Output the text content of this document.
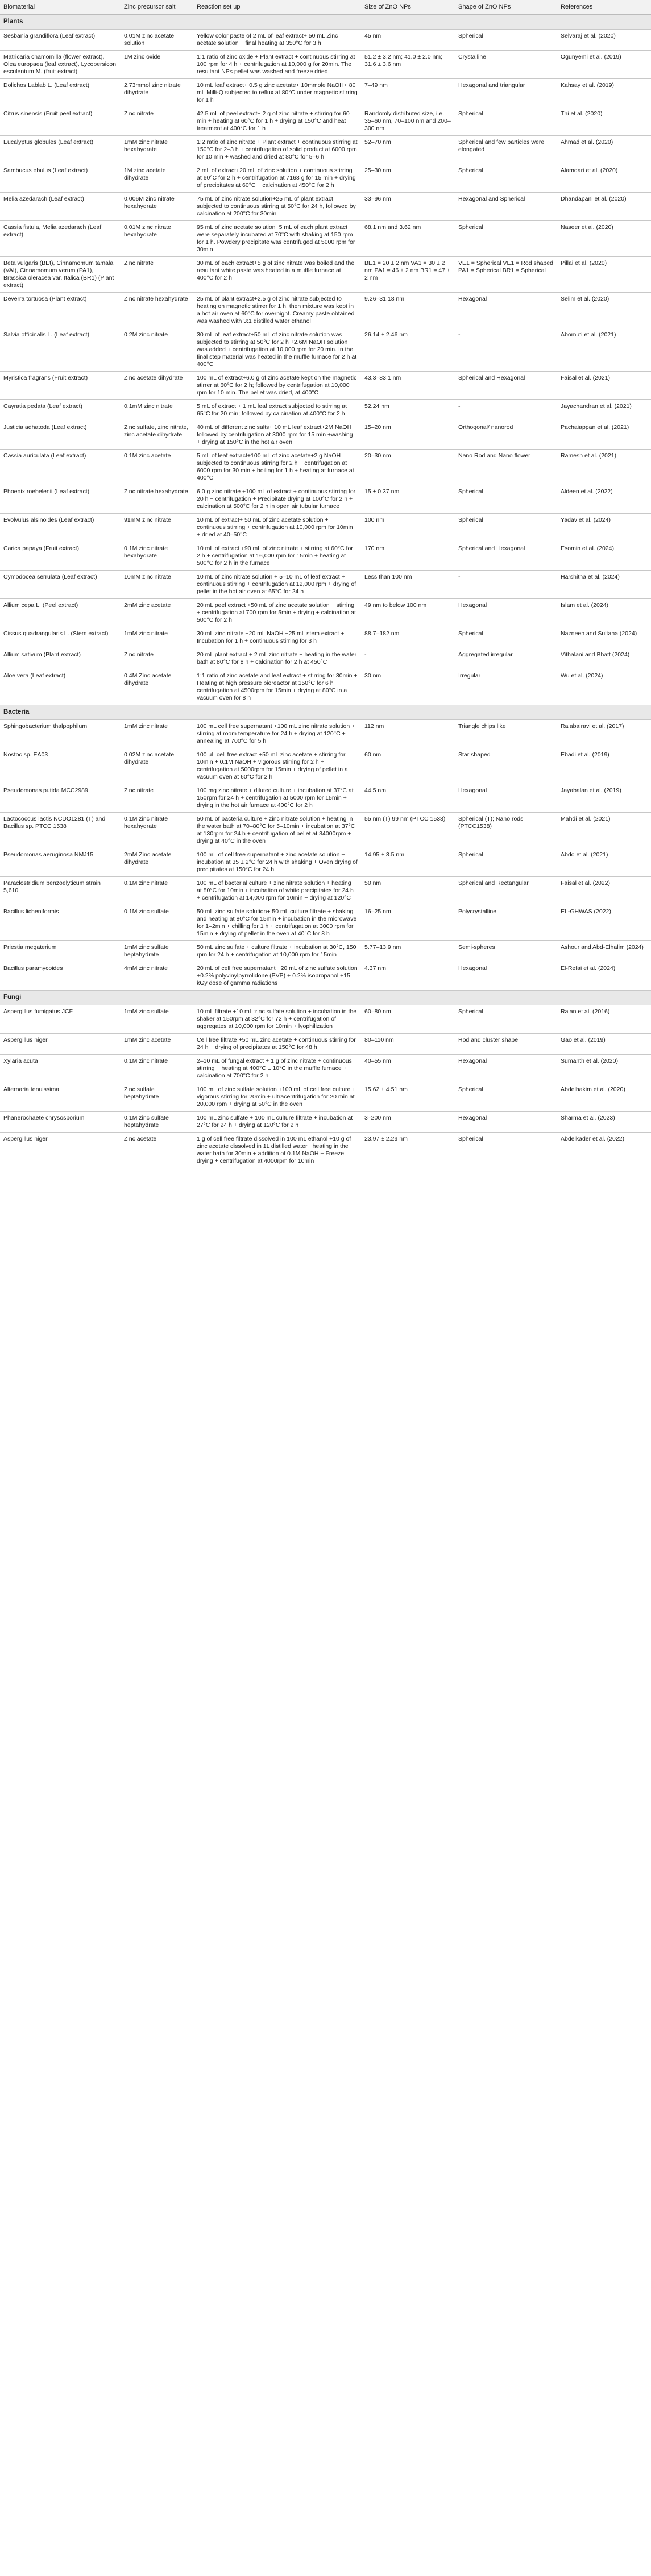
Biomaterial	Zinc precursor salt	Reaction set up	Size of ZnO NPs	Shape of ZnO NPs	References
Plants					
Sesbania grandiflora (Leaf extract)	0.01M zinc acetate solution	Yellow color paste of 2 mL of leaf extract+ 50 mL Zinc acetate solution + final heating at 350°C for 3 h	45 nm	Spherical	Selvaraj et al. (2020)
Matricaria chamomilla (flower extract), Olea europaea (leaf extract), Lycopersicon esculentum M. (fruit extract)	1M zinc oxide	1:1 ratio of zinc oxide + Plant extract + continuous stirring at 100 rpm for 4 h + centrifugation at 10,000 g for 20min. The resultant NPs pellet was washed and freeze dried	51.2 ± 3.2 nm; 41.0 ± 2.0 nm; 31.6 ± 3.6 nm	Crystalline	Ogunyemi et al. (2019)
Dolichos Lablab L. (Leaf extract)	2.73mmol zinc nitrate dihydrate	10 mL leaf extract+ 0.5 g zinc acetate+ 10mmole NaOH+ 80 mL Milli-Q subjected to reflux at 80°C under magnetic stirring for 1 h	7–49 nm	Hexagonal and triangular	Kahsay et al. (2019)
Citrus sinensis (Fruit peel extract)	Zinc nitrate	42.5 mL of peel extract+ 2 g of zinc nitrate + stirring for 60 min + heating at 60°C for 1 h + drying at 150°C and heat treatment at 400°C for 1 h	Randomly distributed size, i.e. 35–60 nm, 70–100 nm and 200–300 nm	Spherical	Thi et al. (2020)
Eucalyptus globules (Leaf extract)	1mM zinc nitrate hexahydrate	1:2 ratio of zinc nitrate + Plant extract + continuous stirring at 150°C for 2–3 h + centrifugation of solid product at 6000 rpm for 10 min + washed and dried at 80°C for 5–6 h	52–70 nm	Spherical and few particles were elongated	Ahmad et al. (2020)
Sambucus ebulus (Leaf extract)	1M zinc acetate dihydrate	2 mL of extract+20 mL of zinc solution + continuous stirring at 60°C for 2 h + centrifugation at 7168 g for 15 min + drying of precipitates at 60°C + calcination at 450°C for 2 h	25–30 nm	Spherical	Alamdari et al. (2020)
Melia azedarach (Leaf extract)	0.006M zinc nitrate hexahydrate	75 mL of zinc nitrate solution+25 mL of plant extract subjected to continuous stirring at 50°C for 24 h, followed by calcination at 200°C for 30min	33–96 nm	Hexagonal and Spherical	Dhandapani et al. (2020)
Cassia fistula, Melia azedarach (Leaf extract)	0.01M zinc nitrate hexahydrate	95 mL of zinc acetate solution+5 mL of each plant extract were separately incubated at 70°C with shaking at 150 rpm for 1 h. Powdery precipitate was centrifuged at 5000 rpm for 30min	68.1 nm and 3.62 nm	Spherical	Naseer et al. (2020)
Beta vulgaris (BEt), Cinnamomum tamala (VAI), Cinnamomum verum (PA1), Brassica oleracea var. Italica (BR1) (Plant extract)	Zinc nitrate	30 mL of each extract+5 g of zinc nitrate was boiled and the resultant white paste was heated in a muffle furnace at 400°C for 2 h	BE1 = 20 ± 2 nm VA1 = 30 ± 2 nm PA1 = 46 ± 2 nm BR1 = 47 ± 2 nm	VE1 = Spherical VE1 = Rod shaped PA1 = Spherical BR1 = Spherical	Pillai et al. (2020)
Deverra tortuosa (Plant extract)	Zinc nitrate hexahydrate	25 mL of plant extract+2.5 g of zinc nitrate subjected to heating on magnetic stirrer for 1 h, then mixture was kept in a hot air oven at 60°C for overnight. Creamy paste obtained was washed with 3:1 distilled water ethanol	9.26–31.18 nm	Hexagonal	Selim et al. (2020)
Salvia officinalis L. (Leaf extract)	0.2M zinc nitrate	30 mL of leaf extract+50 mL of zinc nitrate solution was subjected to stirring at 50°C for 2 h +2.6M NaOH solution was added + centrifugation at 10,000 rpm for 20 min. In the final step material was heated in the muffle furnace for 2 h at 400°C	26.14 ± 2.46 nm	-	Abomuti et al. (2021)
Myristica fragrans (Fruit extract)	Zinc acetate dihydrate	100 mL of extract+6.0 g of zinc acetate kept on the magnetic stirrer at 60°C for 2 h; followed by centrifugation at 10,000 rpm for 10 min. The pellet was dried, at 400°C	43.3–83.1 nm	Spherical and Hexagonal	Faisal et al. (2021)
Cayratia pedata (Leaf extract)	0.1mM zinc nitrate	5 mL of extract + 1 mL leaf extract subjected to stirring at 65°C for 20 min; followed by calcination at 400°C for 2 h	52.24 nm	-	Jayachandran et al. (2021)
Justicia adhatoda (Leaf extract)	Zinc sulfate, zinc nitrate, zinc acetate dihydrate	40 mL of different zinc salts+ 10 mL leaf extract+2M NaOH followed by centrifugation at 3000 rpm for 15 min +washing + drying at 150°C in the hot air oven	15–20 nm	Orthogonal/ nanorod	Pachaiappan et al. (2021)
Cassia auriculata (Leaf extract)	0.1M zinc acetate	5 mL of leaf extract+100 mL of zinc acetate+2 g NaOH subjected to continuous stirring for 2 h + centrifugation at 6000 rpm for 30 min + boiling for 1 h + heating at furnace at 400°C	20–30 nm	Nano Rod and Nano flower	Ramesh et al. (2021)
Phoenix roebelenii (Leaf extract)	Zinc nitrate hexahydrate	6.0 g zinc nitrate +100 mL of extract + continuous stirring for 20 h + centrifugation + Precipitate drying at 100°C for 2 h + calcination at 500°C for 2 h in open air tubular furnace	15 ± 0.37 nm	Spherical	Aldeen et al. (2022)
Evolvulus alsinoides (Leaf extract)	91mM zinc nitrate	10 mL of extract+ 50 mL of zinc acetate solution + continuous stirring + centrifugation at 10,000 rpm for 10min + dried at 40–50°C	100 nm	Spherical	Yadav et al. (2024)
Carica papaya (Fruit extract)	0.1M zinc nitrate hexahydrate	10 mL of extract +90 mL of zinc nitrate + stirring at 60°C for 2 h + centrifugation at 16,000 rpm for 15min + heating at 500°C for 2 h in the furnace	170 nm	Spherical and Hexagonal	Esomin et al. (2024)
Cymodocea serrulata (Leaf extract)	10mM zinc nitrate	10 mL of zinc nitrate solution + 5–10 mL of leaf extract + continuous stirring + centrifugation at 12,000 rpm + drying of pellet in the hot air oven at 65°C for 24 h	Less than 100 nm	-	Harshitha et al. (2024)
Allium cepa L. (Peel extract)	2mM zinc acetate	20 mL peel extract +50 mL of zinc acetate solution + stirring + centrifugation at 700 rpm for 5min + drying + calcination at 500°C for 2 h	49 nm to below 100 nm	Hexagonal	Islam et al. (2024)
Cissus quadrangularis L. (Stem extract)	1mM zinc nitrate	30 mL zinc nitrate +20 mL NaOH +25 mL stem extract + Incubation for 1 h + continuous stirring for 3 h	88.7–182 nm	Spherical	Nazneen and Sultana (2024)
Allium sativum (Plant extract)	Zinc nitrate	20 mL plant extract + 2 mL zinc nitrate + heating in the water bath at 80°C for 8 h + calcination for 2 h at 450°C	-	Aggregated irregular	Vithalani and Bhatt (2024)
Aloe vera (Leaf extract)	0.4M Zinc acetate dihydrate	1:1 ratio of zinc acetate and leaf extract + stirring for 30min + Heating at high pressure bioreactor at 150°C for 6 h + centrifugation at 4500rpm for 15min + drying at 80°C in a vacuum oven for 8 h	30 nm	Irregular	Wu et al. (2024)
Bacteria					
Sphingobacterium thalpophilum	1mM zinc nitrate	100 mL cell free supernatant +100 mL zinc nitrate solution + stirring at room temperature for 24 h + drying at 120°C + annealing at 700°C for 5 h	112 nm	Triangle chips like	Rajabairavi et al. (2017)
Nostoc sp. EA03	0.02M zinc acetate dihydrate	100 µL cell free extract +50 mL zinc acetate + stirring for 10min + 0.1M NaOH + vigorous stirring for 2 h + centrifugation at 5000rpm for 15min + drying of pellet in a vacuum oven at 60°C for 2 h	60 nm	Star shaped	Ebadi et al. (2019)
Pseudomonas putida MCC2989	Zinc nitrate	100 mg zinc nitrate + diluted culture + incubation at 37°C at 150rpm for 24 h + centrifugation at 5000 rpm for 15min + drying in the hot air furnace at 400°C for 2 h	44.5 nm	Hexagonal	Jayabalan et al. (2019)
Lactococcus lactis NCDO1281 (T) and Bacillus sp. PTCC 1538	0.1M zinc nitrate hexahydrate	50 mL of bacteria culture + zinc nitrate solution + heating in the water bath at 70–80°C for 5–10min + incubation at 37°C at 130rpm for 24 h + centrifugation of pellet at 34000rpm + drying at 40°C in the oven	55 nm (T) 99 nm (PTCC 1538)	Spherical (T); Nano rods (PTCC1538)	Mahdi et al. (2021)
Pseudomonas aeruginosa NMJ15	2mM Zinc acetate dihydrate	100 mL of cell free supernatant + zinc acetate solution + incubation at 35 ± 2°C for 24 h with shaking + Oven drying of precipitates at 150°C for 24 h	14.95 ± 3.5 nm	Spherical	Abdo et al. (2021)
Paraclostridium benzoelyticum strain 5,610	0.1M zinc nitrate	100 mL of bacterial culture + zinc nitrate solution + heating at 80°C for 10min + incubation of white precipitates for 24 h + centrifugation at 14,000 rpm for 10min + drying at 120°C	50 nm	Spherical and Rectangular	Faisal et al. (2022)
Bacillus licheniformis	0.1M zinc sulfate	50 mL zinc sulfate solution+ 50 mL culture filtrate + shaking and heating at 80°C for 15min + incubation in the microwave for 1–2min + chilling for 1 h + centrifugation at 3000 rpm for 15min + drying of pellet in the oven at 40°C for 8 h	16–25 nm	Polycrystalline	EL-GHWAS (2022)
Priestia megaterium	1mM zinc sulfate heptahydrate	50 mL zinc sulfate + culture filtrate + incubation at 30°C, 150 rpm for 24 h + centrifugation at 10,000 rpm for 15min	5.77–13.9 nm	Semi-spheres	Ashour and Abd-Elhalim (2024)
Bacillus paramycoides	4mM zinc nitrate	20 mL of cell free supernatant +20 mL of zinc sulfate solution +0.2% polyvinylpyrrolidone (PVP) + 0.2% isopropanol +15 kGy dose of gamma radiations	4.37 nm	Hexagonal	El-Refai et al. (2024)
Fungi					
Aspergillus fumigatus JCF	1mM zinc sulfate	10 mL filtrate +10 mL zinc sulfate solution + incubation in the shaker at 150rpm at 32°C for 72 h + centrifugation of aggregates at 10,000 rpm for 10min + lyophilization	60–80 nm	Spherical	Rajan et al. (2016)
Aspergillus niger	1mM zinc acetate	Cell free filtrate +50 mL zinc acetate + continuous stirring for 24 h + drying of precipitates at 150°C for 48 h	80–110 nm	Rod and cluster shape	Gao et al. (2019)
Xylaria acuta	0.1M zinc nitrate	2–10 mL of fungal extract + 1 g of zinc nitrate + continuous stirring + heating at 400°C ± 10°C in the muffle furnace + calcination at 700°C for 2 h	40–55 nm	Hexagonal	Sumanth et al. (2020)
Alternaria tenuissima	Zinc sulfate heptahydrate	100 mL of zinc sulfate solution +100 mL of cell free culture + vigorous stirring for 20min + ultracentrifugation for 20 min at 20,000 rpm + drying at 50°C in the oven	15.62 ± 4.51 nm	Spherical	Abdelhakim et al. (2020)
Phanerochaete chrysosporium	0.1M zinc sulfate heptahydrate	100 mL zinc sulfate + 100 mL culture filtrate + incubation at 27°C for 24 h + drying at 120°C for 2 h	3–200 nm	Hexagonal	Sharma et al. (2023)
Aspergillus niger	Zinc acetate	1 g of cell free filtrate dissolved in 100 mL ethanol +10 g of zinc acetate dissolved in 1L distilled water+ heating in the water bath for 30min + addition of 0.1M NaOH + Freeze drying + centrifugation at 4000rpm for 10min	23.97 ± 2.29 nm	Spherical	Abdelkader et al. (2022)
